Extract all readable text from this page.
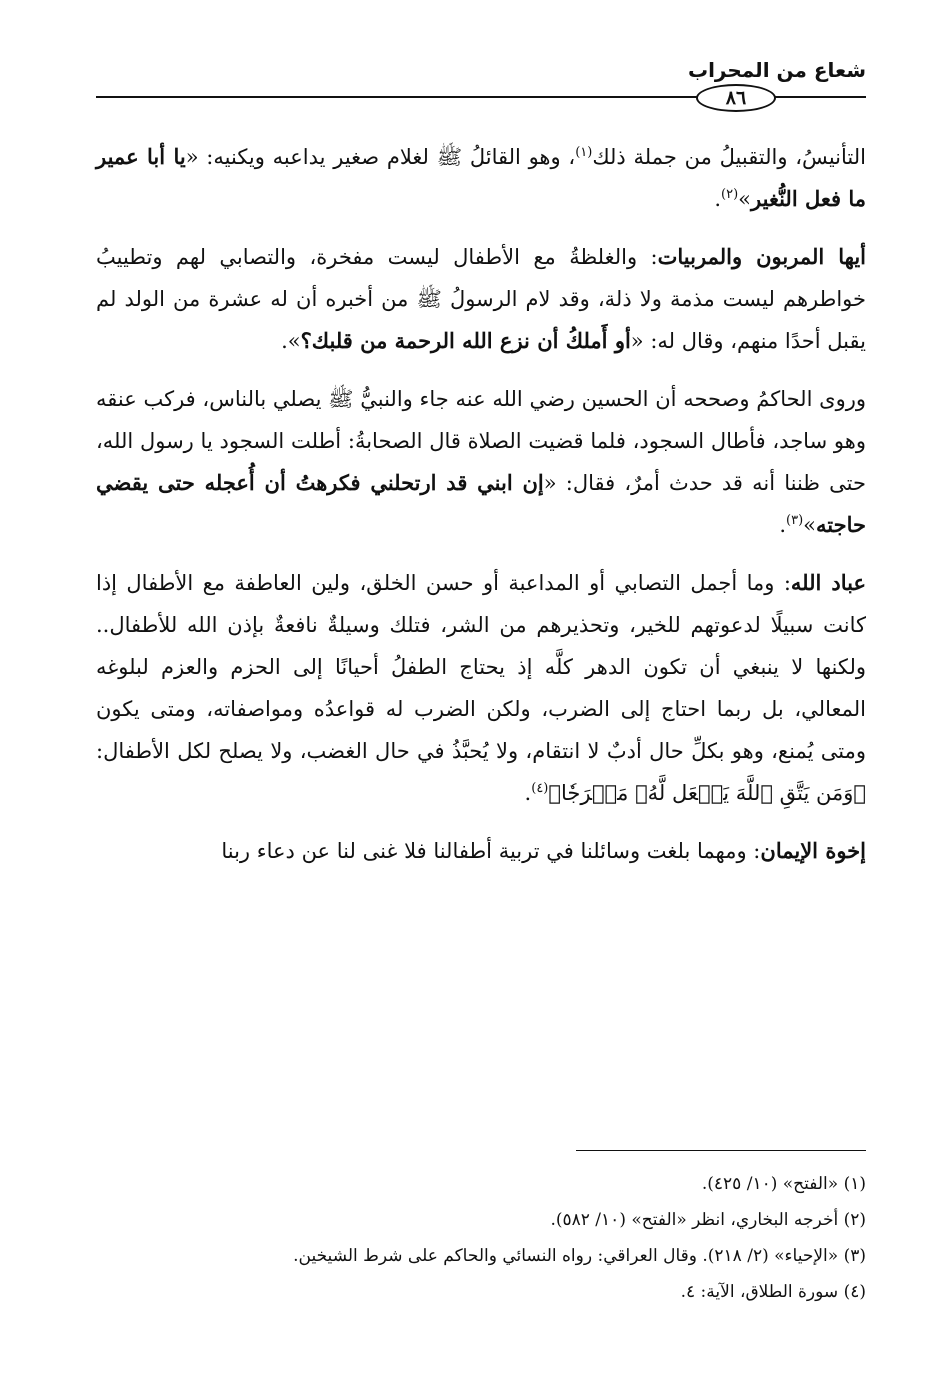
شعاع من المحراب
٨٦

التأنيسُ، والتقبيلُ من جملة ذلك$^{(١)}$، وهو القائلُ ﷺ لغلام صغير يداعبه ويكنيه: «يا أبا عمير ما فعل النُّغير»$^{(٢)}$.

أيها المربون والمربيات: والغلظةُ مع الأطفال ليست مفخرة، والتصابي لهم وتطييبُ خواطرهم ليست مذمة ولا ذلة، وقد لام الرسولُ ﷺ من أخبره أن له عشرة من الولد لم يقبل أحدًا منهم، وقال له: «أو أَملكُ أن نزع الله الرحمة من قلبك؟».

وروى الحاكمُ وصححه أن الحسين رضي الله عنه جاء والنبيُّ ﷺ يصلي بالناس، فركب عنقه وهو ساجد، فأطال السجود، فلما قضيت الصلاة قال الصحابةُ: أطلت السجود يا رسول الله، حتى ظننا أنه قد حدث أمرٌ، فقال: «إن ابني قد ارتحلني فكرهتُ أن أُعجله حتى يقضي حاجته»$^{(٣)}$.

عباد الله: وما أجمل التصابي أو المداعبة أو حسن الخلق، ولين العاطفة مع الأطفال إذا كانت سبيلًا لدعوتهم للخير، وتحذيرهم من الشر، فتلك وسيلةٌ نافعةٌ بإذن الله للأطفال.. ولكنها لا ينبغي أن تكون الدهر كلَّه إذ يحتاج الطفلُ أحيانًا إلى الحزم والعزم لبلوغه المعالي، بل ربما احتاج إلى الضرب، ولكن الضرب له قواعدُه ومواصفاته، ومتى يكون ومتى يُمنع، وهو بكلِّ حال أدبٌ لا انتقام، ولا يُحبَّذُ في حال الغضب، ولا يصلح لكل الأطفال: ﴿وَمَن يَتَّقِ ٱللَّهَ يَجۡعَل لَّهُۥ مَخۡرَجٗا﴾$^{(٤)}$.

إخوة الإيمان: ومهما بلغت وسائلنا في تربية أطفالنا فلا غنى لنا عن دعاء ربنا

(١) «الفتح» (١٠/ ٤٢٥).

(٢) أخرجه البخاري، انظر «الفتح» (١٠/ ٥٨٢).

(٣) «الإحياء» (٢/ ٢١٨). وقال العراقي: رواه النسائي والحاكم على شرط الشيخين.

(٤) سورة الطلاق، الآية: ٤.
